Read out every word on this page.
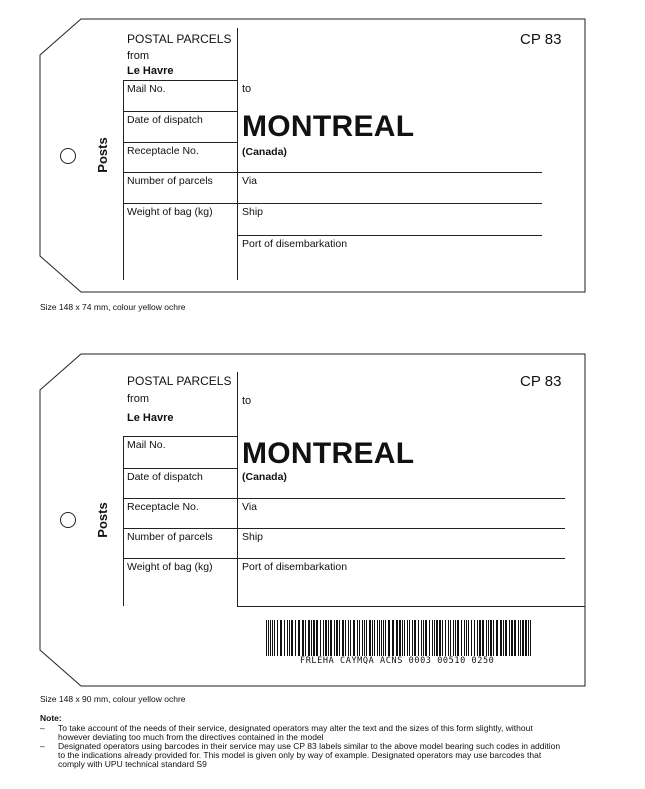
Posts
POSTAL PARCELS
from
Le Havre
Mail No.
Date of dispatch
Receptacle No.
Number of parcels
Weight of bag (kg)
CP 83
to
MONTREAL
(Canada)
Via
Ship
Port of disembarkation
Size 148 x 74 mm, colour yellow ochre
Posts
POSTAL PARCELS
from
Le Havre
Mail No.
Date of dispatch
Receptacle No.
Number of parcels
Weight of bag (kg)
CP 83
to
MONTREAL
(Canada)
Via
Ship
Port of disembarkation
FRLEHA CAYMQA ACNS 0003 00510 0250
Size 148 x 90 mm, colour yellow ochre
Note:
– To take account of the needs of their service, designated operators may alter the text and the sizes of this form slightly, without
however deviating too much from the directives contained in the model
– Designated operators using barcodes in their service may use CP 83 labels similar to the above model bearing such codes in addition
to the indications already provided for. This model is given only by way of example. Designated operators may use barcodes that
comply with UPU technical standard S9
